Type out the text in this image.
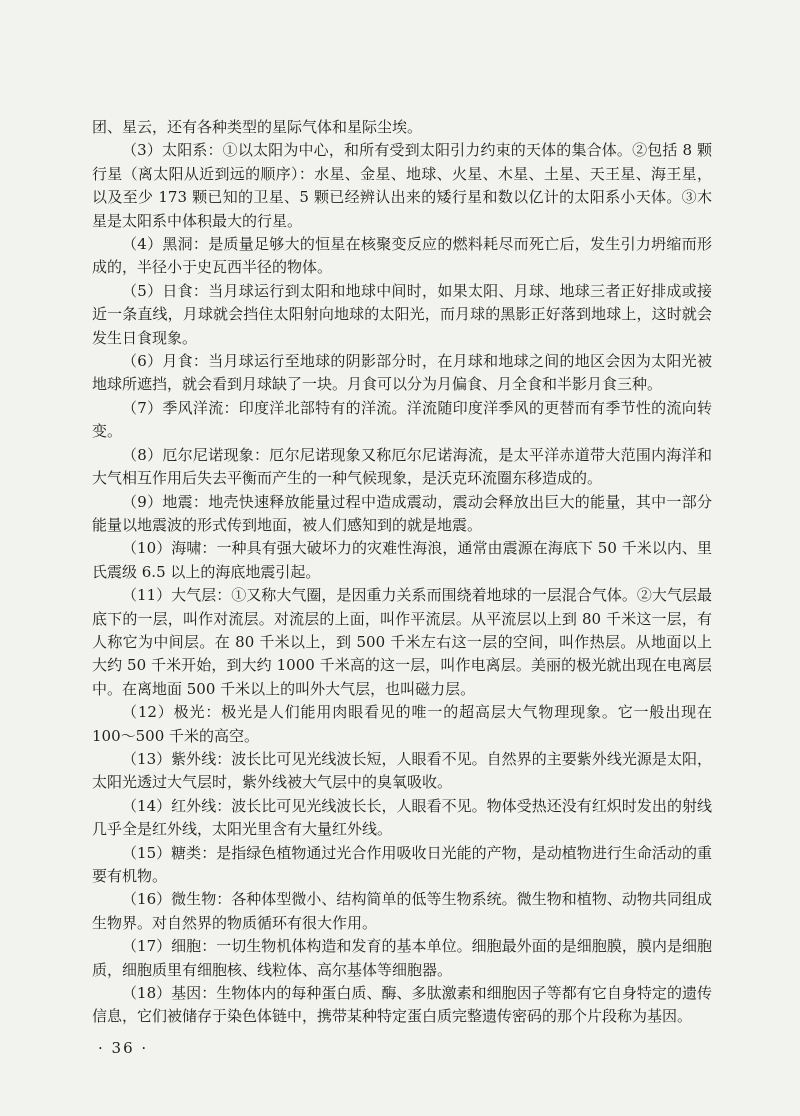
团、星云，还有各种类型的星际气体和星际尘埃。

（3）太阳系：①以太阳为中心，和所有受到太阳引力约束的天体的集合体。②包括 8 颗行星（离太阳从近到远的顺序）：水星、金星、地球、火星、木星、土星、天王星、海王星，以及至少 173 颗已知的卫星、5 颗已经辨认出来的矮行星和数以亿计的太阳系小天体。③木星是太阳系中体积最大的行星。

（4）黑洞：是质量足够大的恒星在核聚变反应的燃料耗尽而死亡后，发生引力坍缩而形成的，半径小于史瓦西半径的物体。

（5）日食：当月球运行到太阳和地球中间时，如果太阳、月球、地球三者正好排成或接近一条直线，月球就会挡住太阳射向地球的太阳光，而月球的黑影正好落到地球上，这时就会发生日食现象。

（6）月食：当月球运行至地球的阴影部分时，在月球和地球之间的地区会因为太阳光被地球所遮挡，就会看到月球缺了一块。月食可以分为月偏食、月全食和半影月食三种。

（7）季风洋流：印度洋北部特有的洋流。洋流随印度洋季风的更替而有季节性的流向转变。

（8）厄尔尼诺现象：厄尔尼诺现象又称厄尔尼诺海流，是太平洋赤道带大范围内海洋和大气相互作用后失去平衡而产生的一种气候现象，是沃克环流圈东移造成的。

（9）地震：地壳快速释放能量过程中造成震动，震动会释放出巨大的能量，其中一部分能量以地震波的形式传到地面，被人们感知到的就是地震。

（10）海啸：一种具有强大破坏力的灾难性海浪，通常由震源在海底下 50 千米以内、里氏震级 6.5 以上的海底地震引起。

（11）大气层：①又称大气圈，是因重力关系而围绕着地球的一层混合气体。②大气层最底下的一层，叫作对流层。对流层的上面，叫作平流层。从平流层以上到 80 千米这一层，有人称它为中间层。在 80 千米以上，到 500 千米左右这一层的空间，叫作热层。从地面以上大约 50 千米开始，到大约 1000 千米高的这一层，叫作电离层。美丽的极光就出现在电离层中。在离地面 500 千米以上的叫外大气层，也叫磁力层。

（12）极光：极光是人们能用肉眼看见的唯一的超高层大气物理现象。它一般出现在 100～500 千米的高空。

（13）紫外线：波长比可见光线波长短，人眼看不见。自然界的主要紫外线光源是太阳，太阳光透过大气层时，紫外线被大气层中的臭氧吸收。

（14）红外线：波长比可见光线波长长，人眼看不见。物体受热还没有红炽时发出的射线几乎全是红外线，太阳光里含有大量红外线。

（15）糖类：是指绿色植物通过光合作用吸收日光能的产物，是动植物进行生命活动的重要有机物。

（16）微生物：各种体型微小、结构简单的低等生物系统。微生物和植物、动物共同组成生物界。对自然界的物质循环有很大作用。

（17）细胞：一切生物机体构造和发育的基本单位。细胞最外面的是细胞膜，膜内是细胞质，细胞质里有细胞核、线粒体、高尔基体等细胞器。

（18）基因：生物体内的每种蛋白质、酶、多肽激素和细胞因子等都有它自身特定的遗传信息，它们被储存于染色体链中，携带某种特定蛋白质完整遗传密码的那个片段称为基因。

· 36 ·
